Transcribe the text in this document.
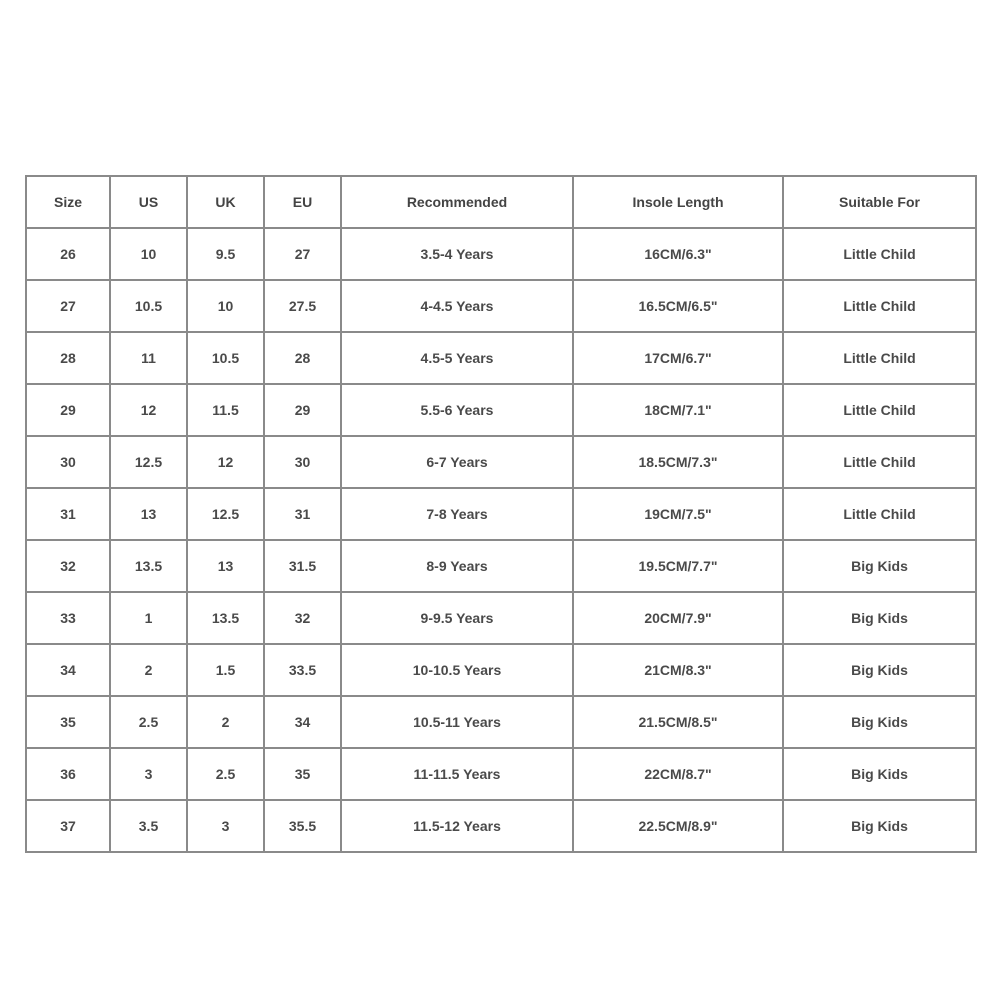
Size	US	UK	EU	Recommended	Insole Length	Suitable For
26	10	9.5	27	3.5-4 Years	16CM/6.3"	Little Child
27	10.5	10	27.5	4-4.5 Years	16.5CM/6.5"	Little Child
28	11	10.5	28	4.5-5 Years	17CM/6.7"	Little Child
29	12	11.5	29	5.5-6 Years	18CM/7.1"	Little Child
30	12.5	12	30	6-7 Years	18.5CM/7.3"	Little Child
31	13	12.5	31	7-8 Years	19CM/7.5"	Little Child
32	13.5	13	31.5	8-9 Years	19.5CM/7.7"	Big Kids
33	1	13.5	32	9-9.5 Years	20CM/7.9"	Big Kids
34	2	1.5	33.5	10-10.5 Years	21CM/8.3"	Big Kids
35	2.5	2	34	10.5-11 Years	21.5CM/8.5"	Big Kids
36	3	2.5	35	11-11.5 Years	22CM/8.7"	Big Kids
37	3.5	3	35.5	11.5-12 Years	22.5CM/8.9"	Big Kids
